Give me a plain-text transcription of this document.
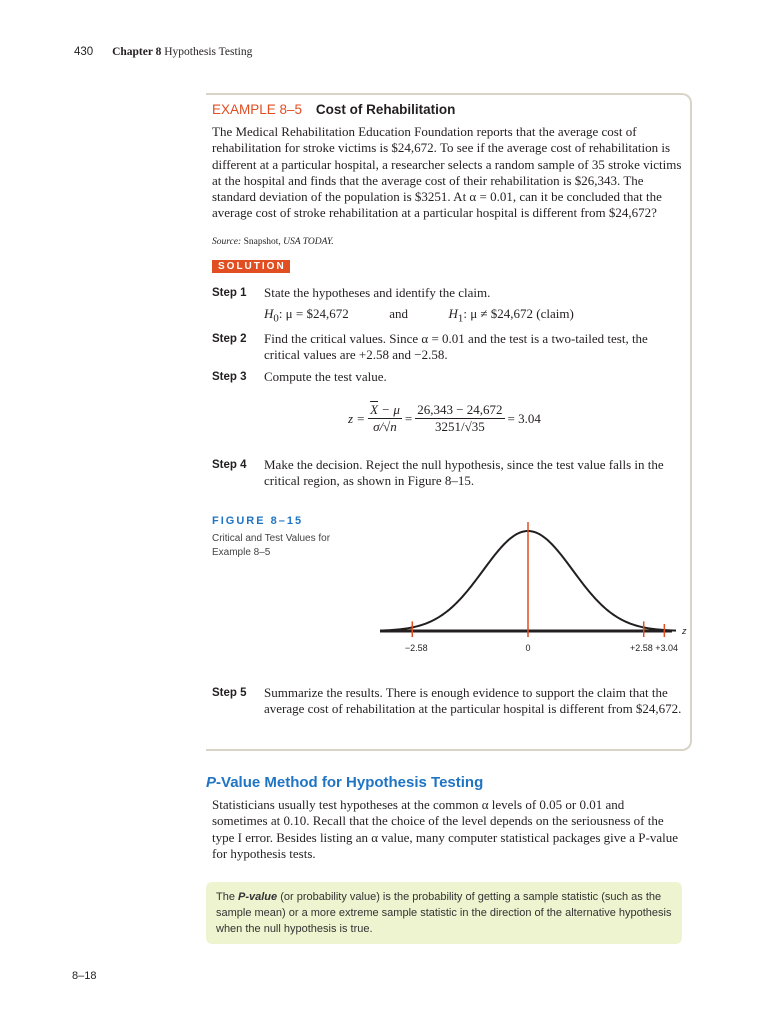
430 Chapter 8 Hypothesis Testing
EXAMPLE 8–5 Cost of Rehabilitation
The Medical Rehabilitation Education Foundation reports that the average cost of rehabilitation for stroke victims is $24,672. To see if the average cost of rehabilitation is different at a particular hospital, a researcher selects a random sample of 35 stroke victims at the hospital and finds that the average cost of their rehabilitation is $26,343. The standard deviation of the population is $3251. At α = 0.01, can it be concluded that the average cost of stroke rehabilitation at a particular hospital is different from $24,672?
Source: Snapshot, USA TODAY.
SOLUTION
Step 1 State the hypotheses and identify the claim.
$H_0$: μ = $24,672	and	$H_1$: μ ≠ $24,672 (claim)
Step 2 Find the critical values. Since α = 0.01 and the test is a two-tailed test, the critical values are +2.58 and −2.58.
Step 3 Compute the test value.
$z = \frac{\overline{X} - \mu}{\sigma/√n} = \frac{26,343 - 24,672}{3251/√35} = 3.04$
Step 4 Make the decision. Reject the null hypothesis, since the test value falls in the critical region, as shown in Figure 8–15.
FIGURE 8–15
Critical and Test Values for
Example 8–5
z
−2.58	0	+2.58 +3.04
Step 5 Summarize the results. There is enough evidence to support the claim that the average cost of rehabilitation at the particular hospital is different from $24,672.
P-Value Method for Hypothesis Testing
Statisticians usually test hypotheses at the common α levels of 0.05 or 0.01 and sometimes at 0.10. Recall that the choice of the level depends on the seriousness of the type I error. Besides listing an α value, many computer statistical packages give a P-value for hypothesis tests.
The P-value (or probability value) is the probability of getting a sample statistic (such as the sample mean) or a more extreme sample statistic in the direction of the alternative hypothesis when the null hypothesis is true.
8–18
